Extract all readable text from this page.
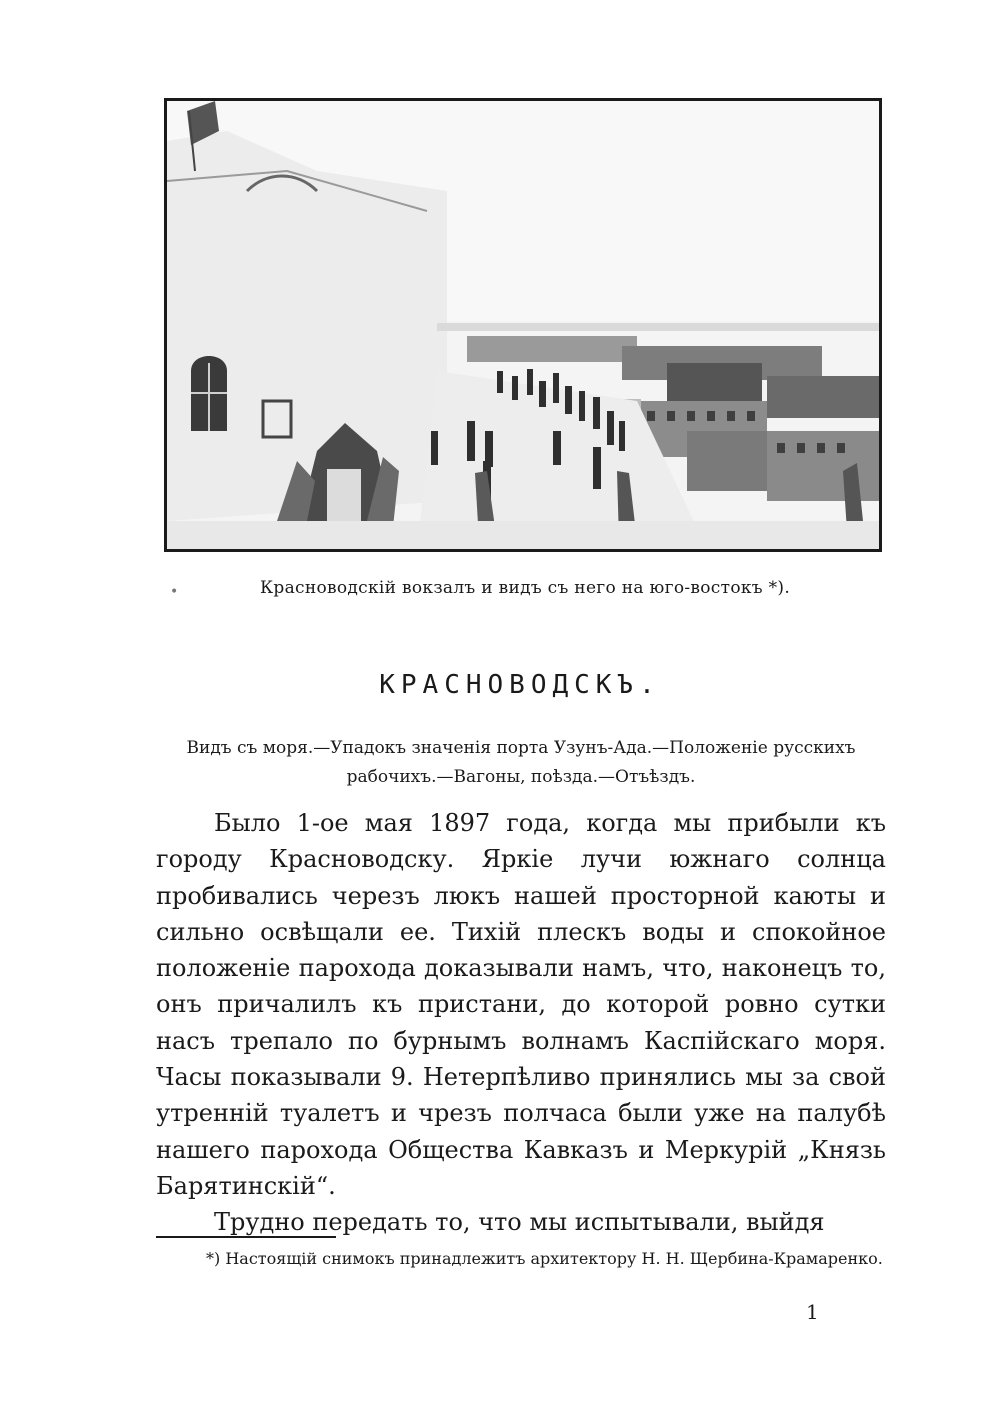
•	Красноводскій вокзалъ и видъ съ него на юго-востокъ *).
КРАСНОВОДСКЪ.
Видъ съ моря.—Упадокъ значенія порта Узунъ-Ада.—Положеніе русскихъ
рабочихъ.—Вагоны, поѣзда.—Отъѣздъ.

Было 1-ое мая 1897 года, когда мы прибыли къ городу Красноводску. Яркіе лучи южнаго солнца пробивались черезъ люкъ нашей просторной каюты и сильно освѣщали ее. Тихій плескъ воды и спокойное положеніе парохода доказывали намъ, что, наконецъ то, онъ причалилъ къ пристани, до которой ровно сутки насъ трепало по бурнымъ волнамъ Каспійскаго моря. Часы показывали 9. Нетерпѣливо принялись мы за свой утренній туалетъ и чрезъ полчаса были уже на палубѣ нашего парохода Общества Кавказъ и Меркурій „Князь Барятинскій“.

Трудно передать то, что мы испытывали, выйдя

*) Настоящій снимокъ принадлежитъ архитектору Н. Н. Щербина-Крамаренко.
1
